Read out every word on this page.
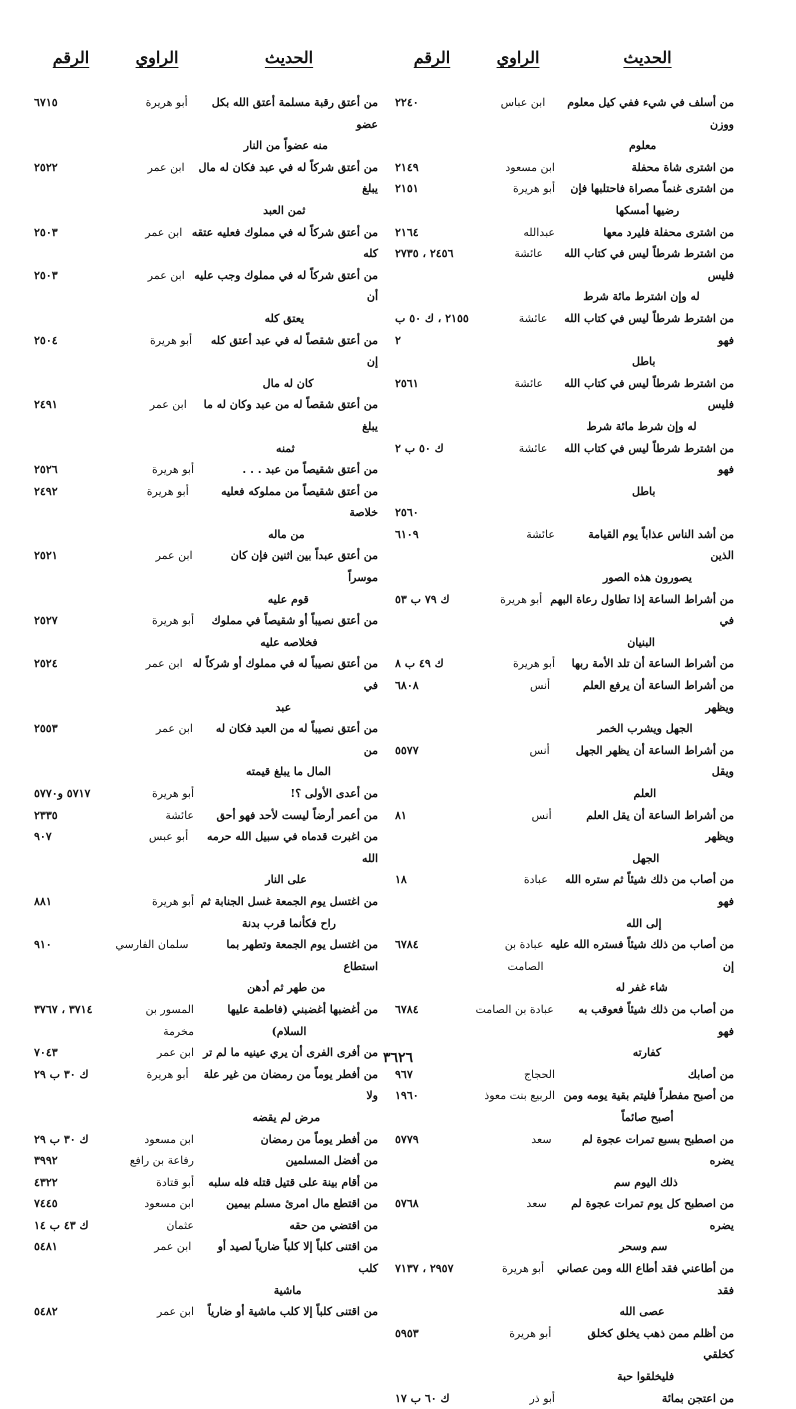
الحديث
الراوي
الرقم
من أسلف في شيء ففي كيل معلوم ووزن
معلوم
ابن عباس
٢٢٤٠
من اشترى شاة محفلة
ابن مسعود
٢١٤٩
من اشترى غنماً مصراة فاحتلبها فإن
رضيها أمسكها
أبو هريرة
٢١٥١
من اشترى محفلة فليرد معها
عبدالله
٢١٦٤
من اشترط شرطاً ليس في كتاب الله فليس
له وإن اشترط مائة شرط
عائشة
٢٤٥٦ ، ٢٧٣٥
من اشترط شرطاً ليس في كتاب الله فهو
باطل
عائشة
٢١٥٥ ، ك ٥٠ ب ٢
من اشترط شرطاً ليس في كتاب الله فليس
له وإن شرط مائة شرط
عائشة
٢٥٦١
من اشترط شرطاً ليس في كتاب الله فهو
باطل
عائشة
ك ٥٠ ب ٢
٢٥٦٠
من أشد الناس عذاباً يوم القيامة الذين
يصورون هذه الصور
عائشة
٦١٠٩
من أشراط الساعة إذا تطاول رعاة البهم في
البنيان
أبو هريرة
ك ٧٩ ب ٥٣
من أشراط الساعة أن تلد الأمة ربها
أبو هريرة
ك ٤٩ ب ٨
من أشراط الساعة أن يرفع العلم ويظهر
الجهل ويشرب الخمر
أنس
٦٨٠٨
من أشراط الساعة أن يظهر الجهل ويقل
العلم
أنس
٥٥٧٧
من أشراط الساعة أن يقل العلم ويظهر
الجهل
أنس
٨١
من أصاب من ذلك شيئاً ثم ستره الله فهو
إلى الله
عبادة
١٨
من أصاب من ذلك شيئاً فستره الله عليه إن
شاء غفر له
عبادة بن الصامت
٦٧٨٤
من أصاب من ذلك شيئاً فعوقب به فهو
كفارته
عبادة بن الصامت
٦٧٨٤
من أصابك
الحجاج
٩٦٧
من أصبح مفطراً فليتم بقية يومه ومن
أصبح صائماً
الربيع بنت معوذ
١٩٦٠
من اصطبح بسبع تمرات عجوة لم يضره
ذلك اليوم سم
سعد
٥٧٧٩
من اصطبح كل يوم تمرات عجوة لم يضره
سم وسحر
سعد
٥٧٦٨
من أطاعني فقد أطاع الله ومن عصاني فقد
عصى الله
أبو هريرة
٢٩٥٧ ، ٧١٣٧
من أظلم ممن ذهب يخلق كخلق كخلقي
فليخلقوا حبة
أبو هريرة
٥٩٥٣
من اعتجن بمائة
أبو ذر
ك ٦٠ ب ١٧
الحديث
الراوي
الرقم
من أعتق رقبة مسلمة أعتق الله بكل عضو
منه عضواً من النار
أبو هريرة
٦٧١٥
من أعتق شركاً له في عبد فكان له مال يبلغ
ثمن العبد
ابن عمر
٢٥٢٢
من أعتق شركاً له في مملوك فعليه عتقه كله
ابن عمر
٢٥٠٣
من أعتق شركاً له في مملوك وجب عليه أن
يعتق كله
ابن عمر
٢٥٠٣
من أعتق شقصاً له في عبد أعتق كله إن
كان له مال
أبو هريرة
٢٥٠٤
من أعتق شقصاً له من عبد وكان له ما يبلغ
ثمنه
ابن عمر
٢٤٩١
من أعتق شقيصاً من عبد . . .
أبو هريرة
٢٥٢٦
من أعتق شقيصاً من مملوكه فعليه خلاصة
من ماله
أبو هريرة
٢٤٩٢
من أعتق عبداً بين اثنين فإن كان موسراً
قوم عليه
ابن عمر
٢٥٢١
من أعتق نصيباً أو شقيصاً في مملوك
فخلاصه عليه
أبو هريرة
٢٥٢٧
من أعتق نصيباً له في مملوك أو شركاً له في
عبد
ابن عمر
٢٥٢٤
من أعتق نصيباً له من العبد فكان له من
المال ما يبلغ قيمته
ابن عمر
٢٥٥٣
من أعدى الأولى ؟!
أبو هريرة
٥٧١٧ و٥٧٧٠
من أعمر أرضاً ليست لأحد فهو أحق
عائشة
٢٣٣٥
من اغبرت قدماه في سبيل الله حرمه الله
على النار
أبو عبس
٩٠٧
من اغتسل يوم الجمعة غسل الجنابة ثم
راح فكأنما قرب بدنة
أبو هريرة
٨٨١
من اغتسل يوم الجمعة وتطهر بما استطاع
من طهر ثم أدهن
سلمان الفارسي
٩١٠
من أغضبها أغضبني (فاطمة عليها
السلام)
المسور بن مخرمة
٣٧١٤ ، ٣٧٦٧
من أفرى الفرى أن يري عينيه ما لم تر
ابن عمر
٧٠٤٣
من أفطر يوماً من رمضان من غير علة ولا
مرض لم يقضه
أبو هريرة
ك ٣٠ ب ٢٩
من أفطر يوماً من رمضان
ابن مسعود
ك ٣٠ ب ٢٩
من أفضل المسلمين
رفاعة بن رافع
٣٩٩٢
من أقام بينة على قتيل قتله فله سلبه
أبو قتادة
٤٣٢٢
من اقتطع مال امرئ مسلم بيمين
ابن مسعود
٧٤٤٥
من اقتضي من حقه
عثمان
ك ٤٣ ب ١٤
من اقتنى كلباً إلا كلباً ضارياً لصيد أو كلب
ماشية
ابن عمر
٥٤٨١
من اقتنى كلباً إلا كلب ماشية أو ضارياً
ابن عمر
٥٤٨٢
٣٦٢٦
